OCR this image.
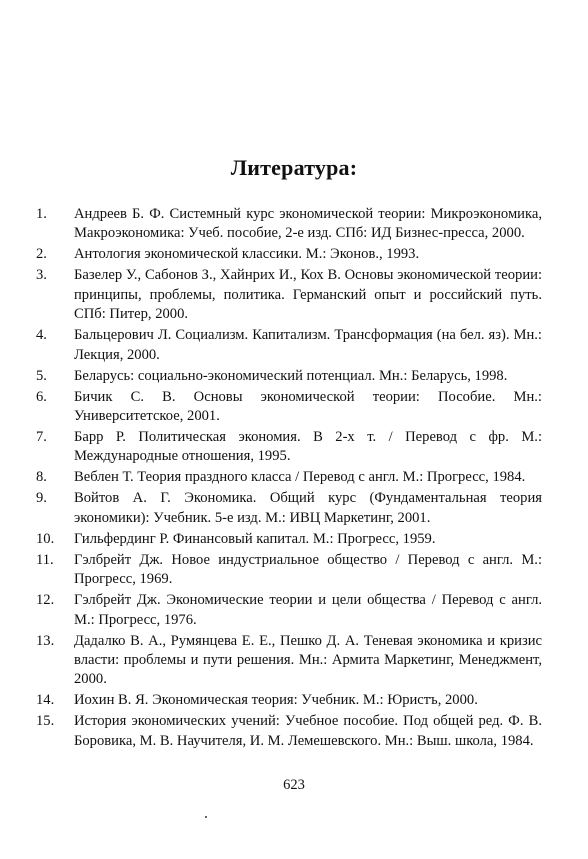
Литература:
1.	Андреев Б. Ф. Системный курс экономической теории: Микроэкономика, Макроэкономика: Учеб. пособие, 2-е изд. СПб: ИД Бизнес-пресса, 2000.
2.	Антология экономической классики. М.: Эконов., 1993.
3.	Базелер У., Сабонов З., Хайнрих И., Кох В. Основы экономической теории: принципы, проблемы, политика. Германский опыт и российский путь. СПб: Питер, 2000.
4.	Бальцерович Л. Социализм. Капитализм. Трансформация (на бел. яз). Мн.: Лекция, 2000.
5.	Беларусь: социально-экономический потенциал. Мн.: Беларусь, 1998.
6.	Бичик С. В. Основы экономической теории: Пособие. Мн.: Университетское, 2001.
7.	Барр Р. Политическая экономия. В 2-х т. / Перевод с фр. М.: Международные отношения, 1995.
8.	Веблен Т. Теория праздного класса / Перевод с англ. М.: Прогресс, 1984.
9.	Войтов А. Г. Экономика. Общий курс (Фундаментальная теория экономики): Учебник. 5-е изд. М.: ИВЦ Маркетинг, 2001.
10.	Гильфердинг Р. Финансовый капитал. М.: Прогресс, 1959.
11.	Гэлбрейт Дж. Новое индустриальное общество / Перевод с англ. М.: Прогресс, 1969.
12.	Гэлбрейт Дж. Экономические теории и цели общества / Перевод с англ. М.: Прогресс, 1976.
13.	Дадалко В. А., Румянцева Е. Е., Пешко Д. А. Теневая экономика и кризис власти: проблемы и пути решения. Мн.: Армита Маркетинг, Менеджмент, 2000.
14.	Иохин В. Я. Экономическая теория: Учебник. М.: Юристъ, 2000.
15.	История экономических учений: Учебное пособие. Под общей ред. Ф. В. Боровика, М. В. Научителя, И. М. Лемешевского. Мн.: Выш. школа, 1984.
623
